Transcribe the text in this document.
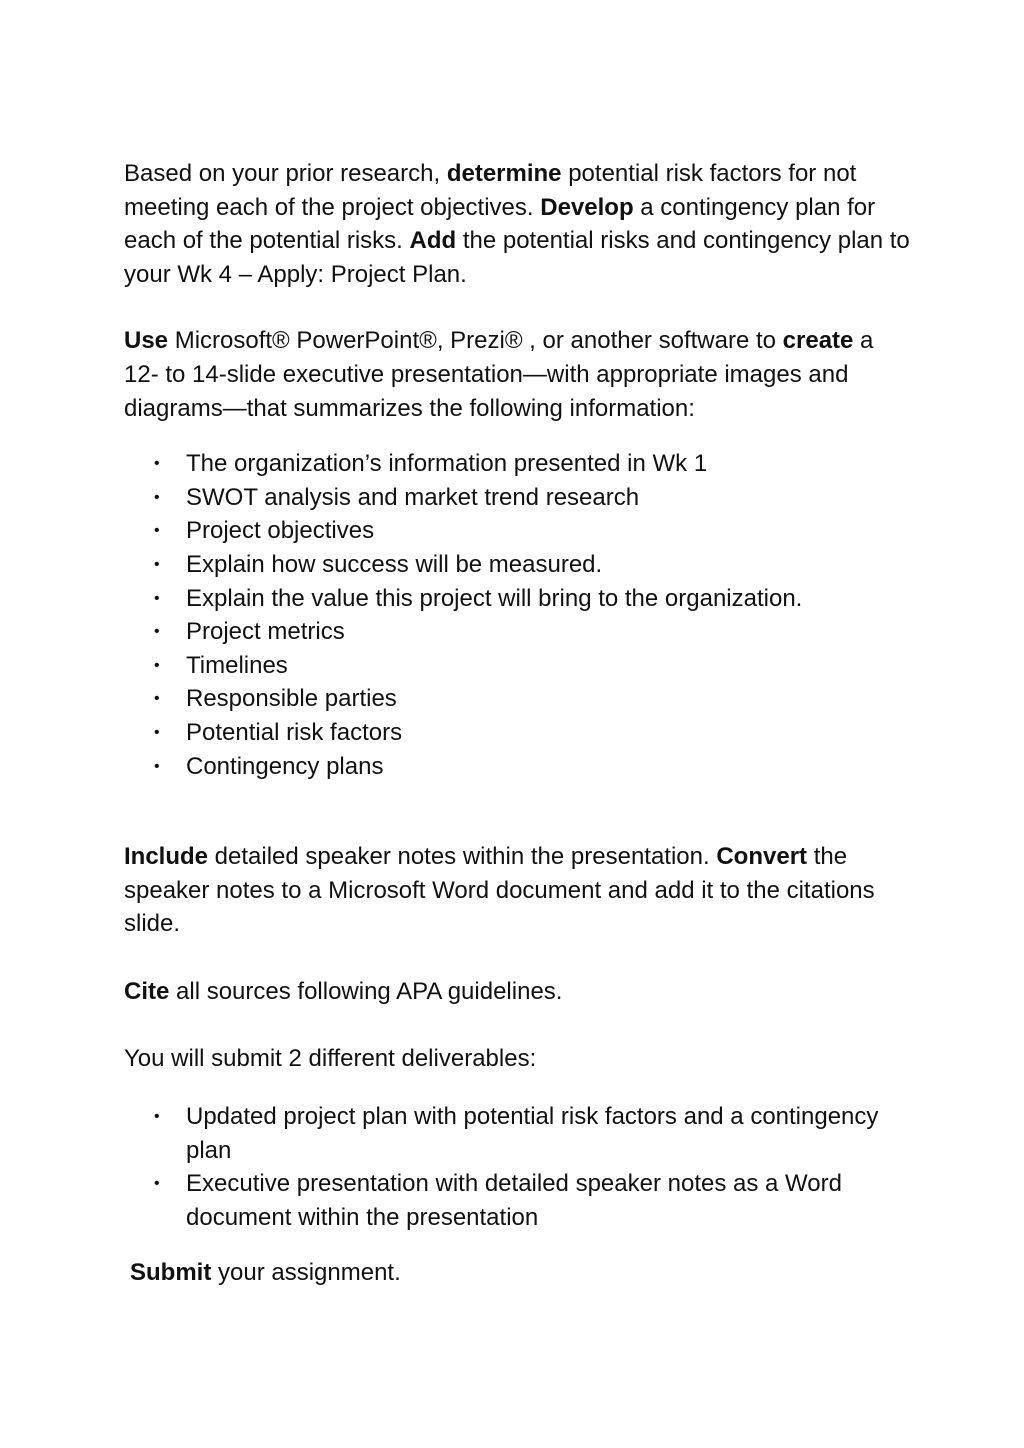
Based on your prior research, determine potential risk factors for not meeting each of the project objectives. Develop a contingency plan for each of the potential risks. Add the potential risks and contingency plan to your Wk 4 – Apply: Project Plan.

Use Microsoft® PowerPoint®, Prezi® , or another software to create a 12- to 14-slide executive presentation—with appropriate images and diagrams—that summarizes the following information:

• The organization’s information presented in Wk 1
• SWOT analysis and market trend research
• Project objectives
• Explain how success will be measured.
• Explain the value this project will bring to the organization.
• Project metrics
• Timelines
• Responsible parties
• Potential risk factors
• Contingency plans

Include detailed speaker notes within the presentation. Convert the speaker notes to a Microsoft Word document and add it to the citations slide.

Cite all sources following APA guidelines.

You will submit 2 different deliverables:

• Updated project plan with potential risk factors and a contingency plan
• Executive presentation with detailed speaker notes as a Word document within the presentation

Submit your assignment.
